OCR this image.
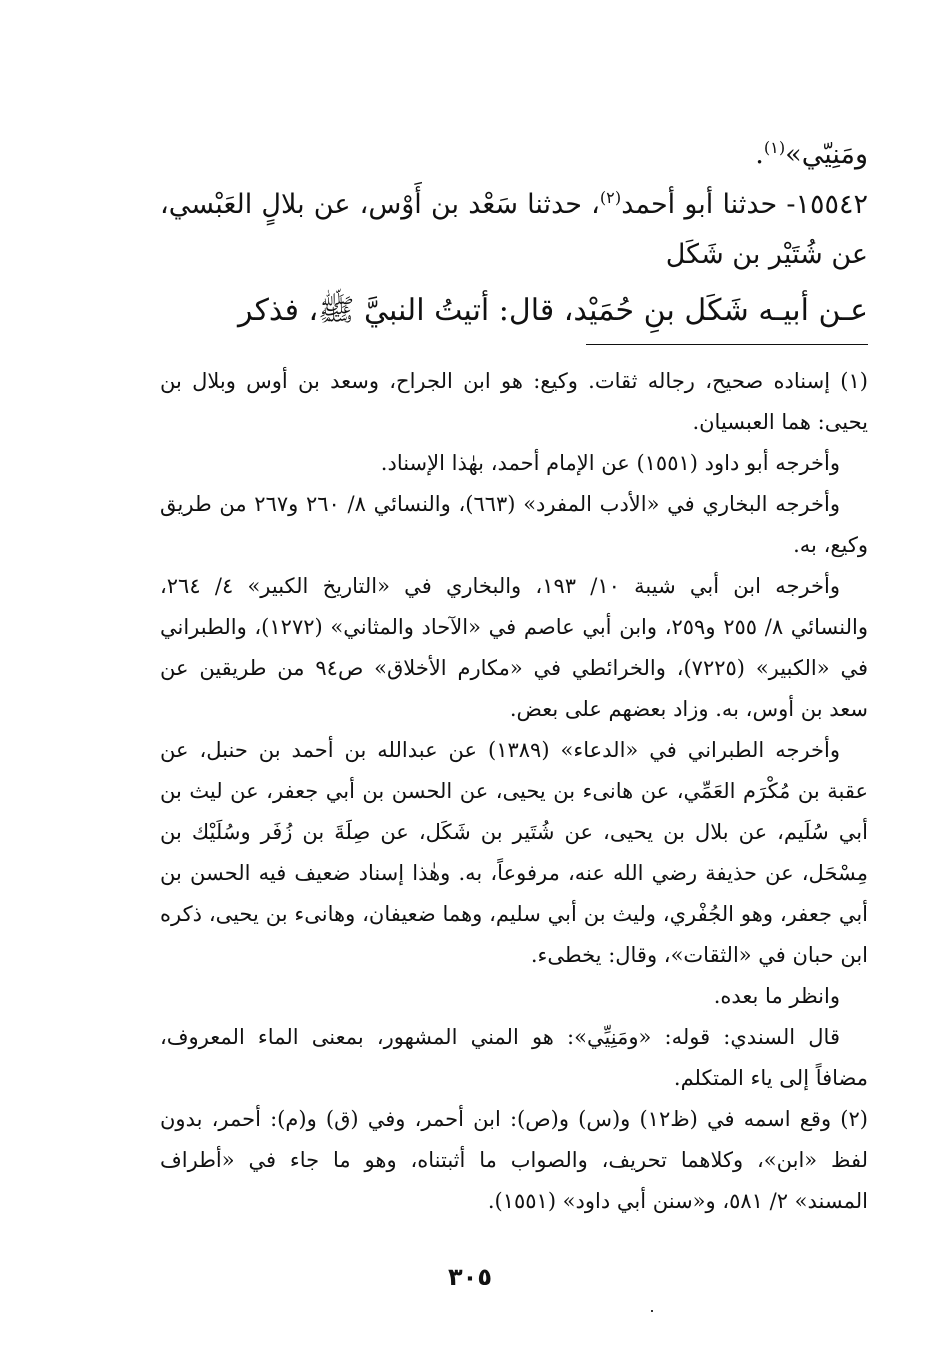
ومَنِيّي»$^{(١)}$.
١٥٥٤٢- حدثنا أبو أحمد$^{(٢)}$، حدثنا سَعْد بن أَوْس، عن بلالٍ العَبْسي، عن شُتَيْر بن شَكَل
عـن أبيـه شَكَل بنِ حُمَيْد، قال: أتيتُ النبيَّ ﷺ، فذكر

(١) إسناده صحيح، رجاله ثقات. وكيع: هو ابن الجراح، وسعد بن أوس وبلال بن يحيى: هما العبسيان.

وأخرجه أبو داود (١٥٥١) عن الإمام أحمد، بهٰذا الإسناد.

وأخرجه البخاري في «الأدب المفرد» (٦٦٣)، والنسائي ٨/ ٢٦٠ و٢٦٧ من طريق وكيع، به.

وأخرجه ابن أبي شيبة ١٠/ ١٩٣، والبخاري في «التاريخ الكبير» ٤/ ٢٦٤، والنسائي ٨/ ٢٥٥ و٢٥٩، وابن أبي عاصم في «الآحاد والمثاني» (١٢٧٢)، والطبراني في «الكبير» (٧٢٢٥)، والخرائطي في «مكارم الأخلاق» ص٩٤ من طريقين عن سعد بن أوس، به. وزاد بعضهم على بعض.

وأخرجه الطبراني في «الدعاء» (١٣٨٩) عن عبدالله بن أحمد بن حنبل، عن عقبة بن مُكْرَم العَمِّي، عن هانىء بن يحيى، عن الحسن بن أبي جعفر، عن ليث بن أبي سُلَيم، عن بلال بن يحيى، عن شُتَير بن شَكَل، عن صِلَةَ بن زُفَر وسُلَيْك بن مِسْحَل، عن حذيفة رضي الله عنه، مرفوعاً، به. وهٰذا إسناد ضعيف فيه الحسن بن أبي جعفر، وهو الجُفْري، وليث بن أبي سليم، وهما ضعيفان، وهانىء بن يحيى، ذكره ابن حبان في «الثقات»، وقال: يخطىء.

وانظر ما بعده.

قال السندي: قوله: «ومَنِيِّي»: هو المني المشهور، بمعنى الماء المعروف، مضافاً إلى ياء المتكلم.

(٢) وقع اسمه في (ظ١٢) و(س) و(ص): ابن أحمر، وفي (ق) و(م): أحمر، بدون لفظ «ابن»، وكلاهما تحريف، والصواب ما أثبتناه، وهو ما جاء في «أطراف المسند» ٢/ ٥٨١، و«سنن أبي داود» (١٥٥١).

٣٠٥
